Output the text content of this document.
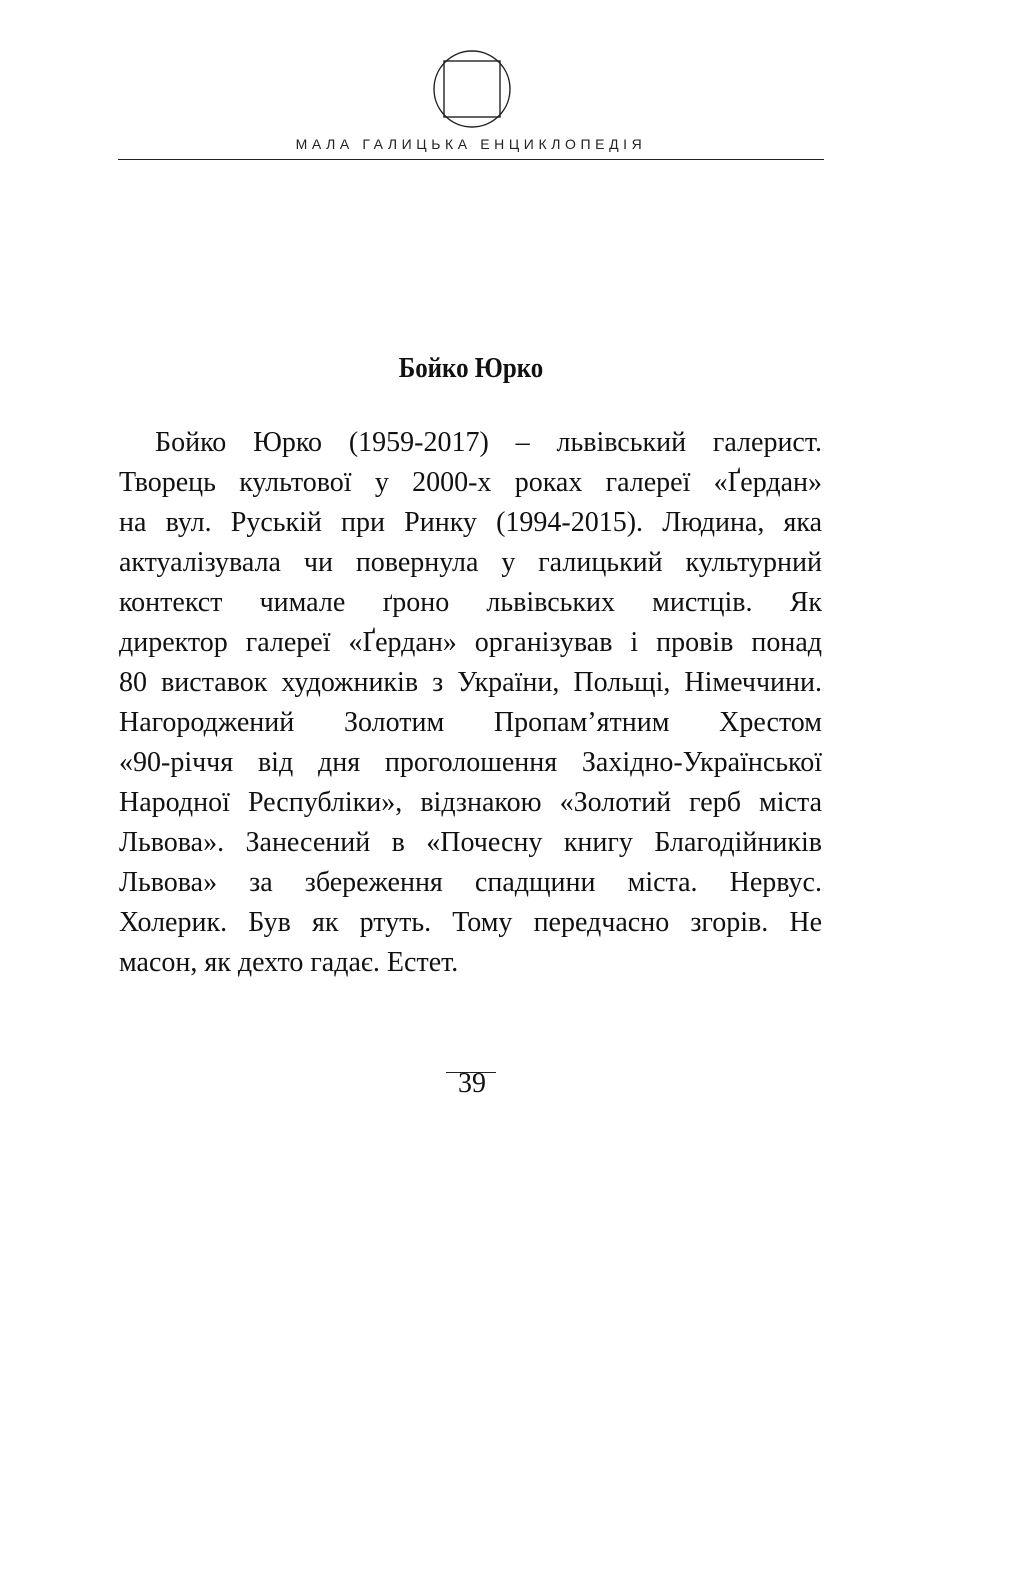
МАЛА ГАЛИЦЬКА ЕНЦИКЛОПЕДІЯ
Бойко Юрко
Бойко Юрко (1959-2017) – львівський галерист.
Творець культової у 2000-х роках галереї «Ґердан»
на вул. Руській при Ринку (1994-2015). Людина, яка
актуалізувала чи повернула у галицький культурний
контекст чимале ґроно львівських мистців. Як
директор галереї «Ґердан» організував і провів понад
80 виставок художників з України, Польщі, Німеччини.
Нагороджений Золотим Пропам’ятним Хрестом
«90-річчя від дня проголошення Західно-Української
Народної Республіки», відзнакою «Золотий герб міста
Львова». Занесений в «Почесну книгу Благодійників
Львова» за збереження спадщини міста. Нервус.
Холерик. Був як ртуть. Тому передчасно згорів. Не
масон, як дехто гадає. Естет.
39
